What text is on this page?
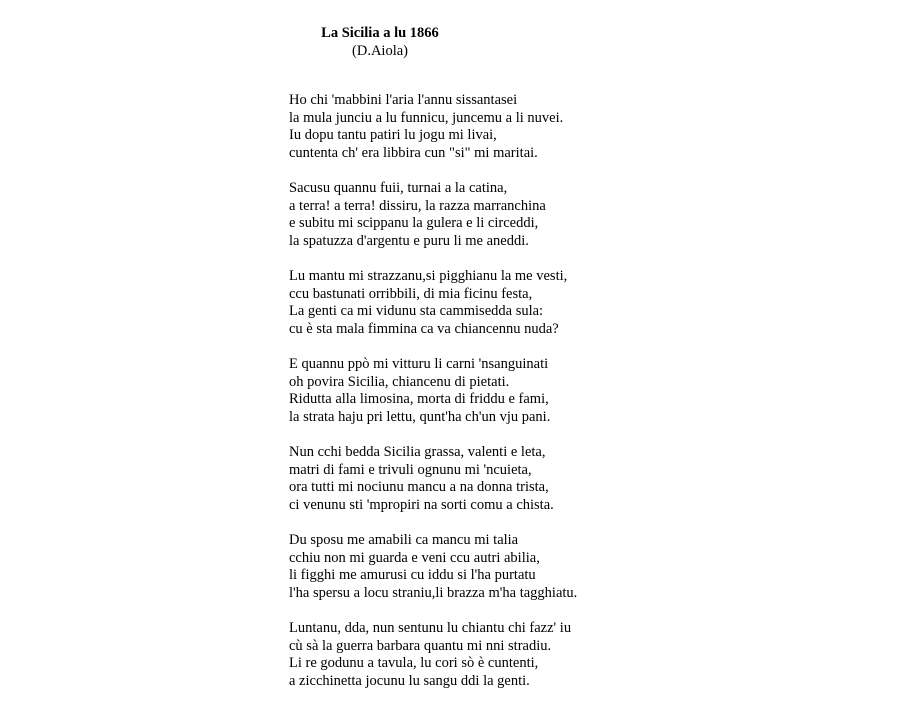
La Sicilia a lu 1866
(D.Aiola)
Ho chi 'mabbini l'aria l'annu sissantasei
la mula junciu a lu funnicu, juncemu a li nuvei.
Iu dopu tantu patiri lu jogu mi livai,
cuntenta ch' era libbira cun "si" mi maritai.
Sacusu quannu fuii, turnai a la catina,
a terra! a terra! dissiru, la razza marranchina
e subitu mi scippanu la gulera e li circeddi,
la spatuzza d'argentu e puru li me aneddi.
Lu mantu mi strazzanu,si pigghianu la me vesti,
ccu bastunati orribbili, di mia ficinu festa,
La genti ca mi vidunu sta cammisedda sula:
cu è sta mala fimmina ca va chiancennu nuda?
E quannu ppò mi vitturu li carni 'nsanguinati
oh povira Sicilia, chiancenu di pietati.
Ridutta alla limosina, morta di friddu e fami,
la strata haju pri lettu, qunt'ha ch'un vju pani.
Nun cchi bedda Sicilia grassa, valenti e leta,
matri di fami e trivuli ognunu mi 'ncuieta,
ora tutti mi nociunu mancu a na donna trista,
ci venunu sti 'mpropiri na sorti comu a chista.
Du sposu me amabili ca mancu mi talia
cchiu non mi guarda e veni ccu autri abilia,
li figghi me amurusi cu iddu si l'ha purtatu
l'ha spersu a locu straniu,li brazza m'ha tagghiatu.
Luntanu, dda, nun sentunu lu chiantu chi fazz' iu
cù sà la guerra barbara quantu mi nni stradiu.
Li re godunu a tavula, lu cori sò è cuntenti,
a zicchinetta jocunu lu sangu ddi la genti.
